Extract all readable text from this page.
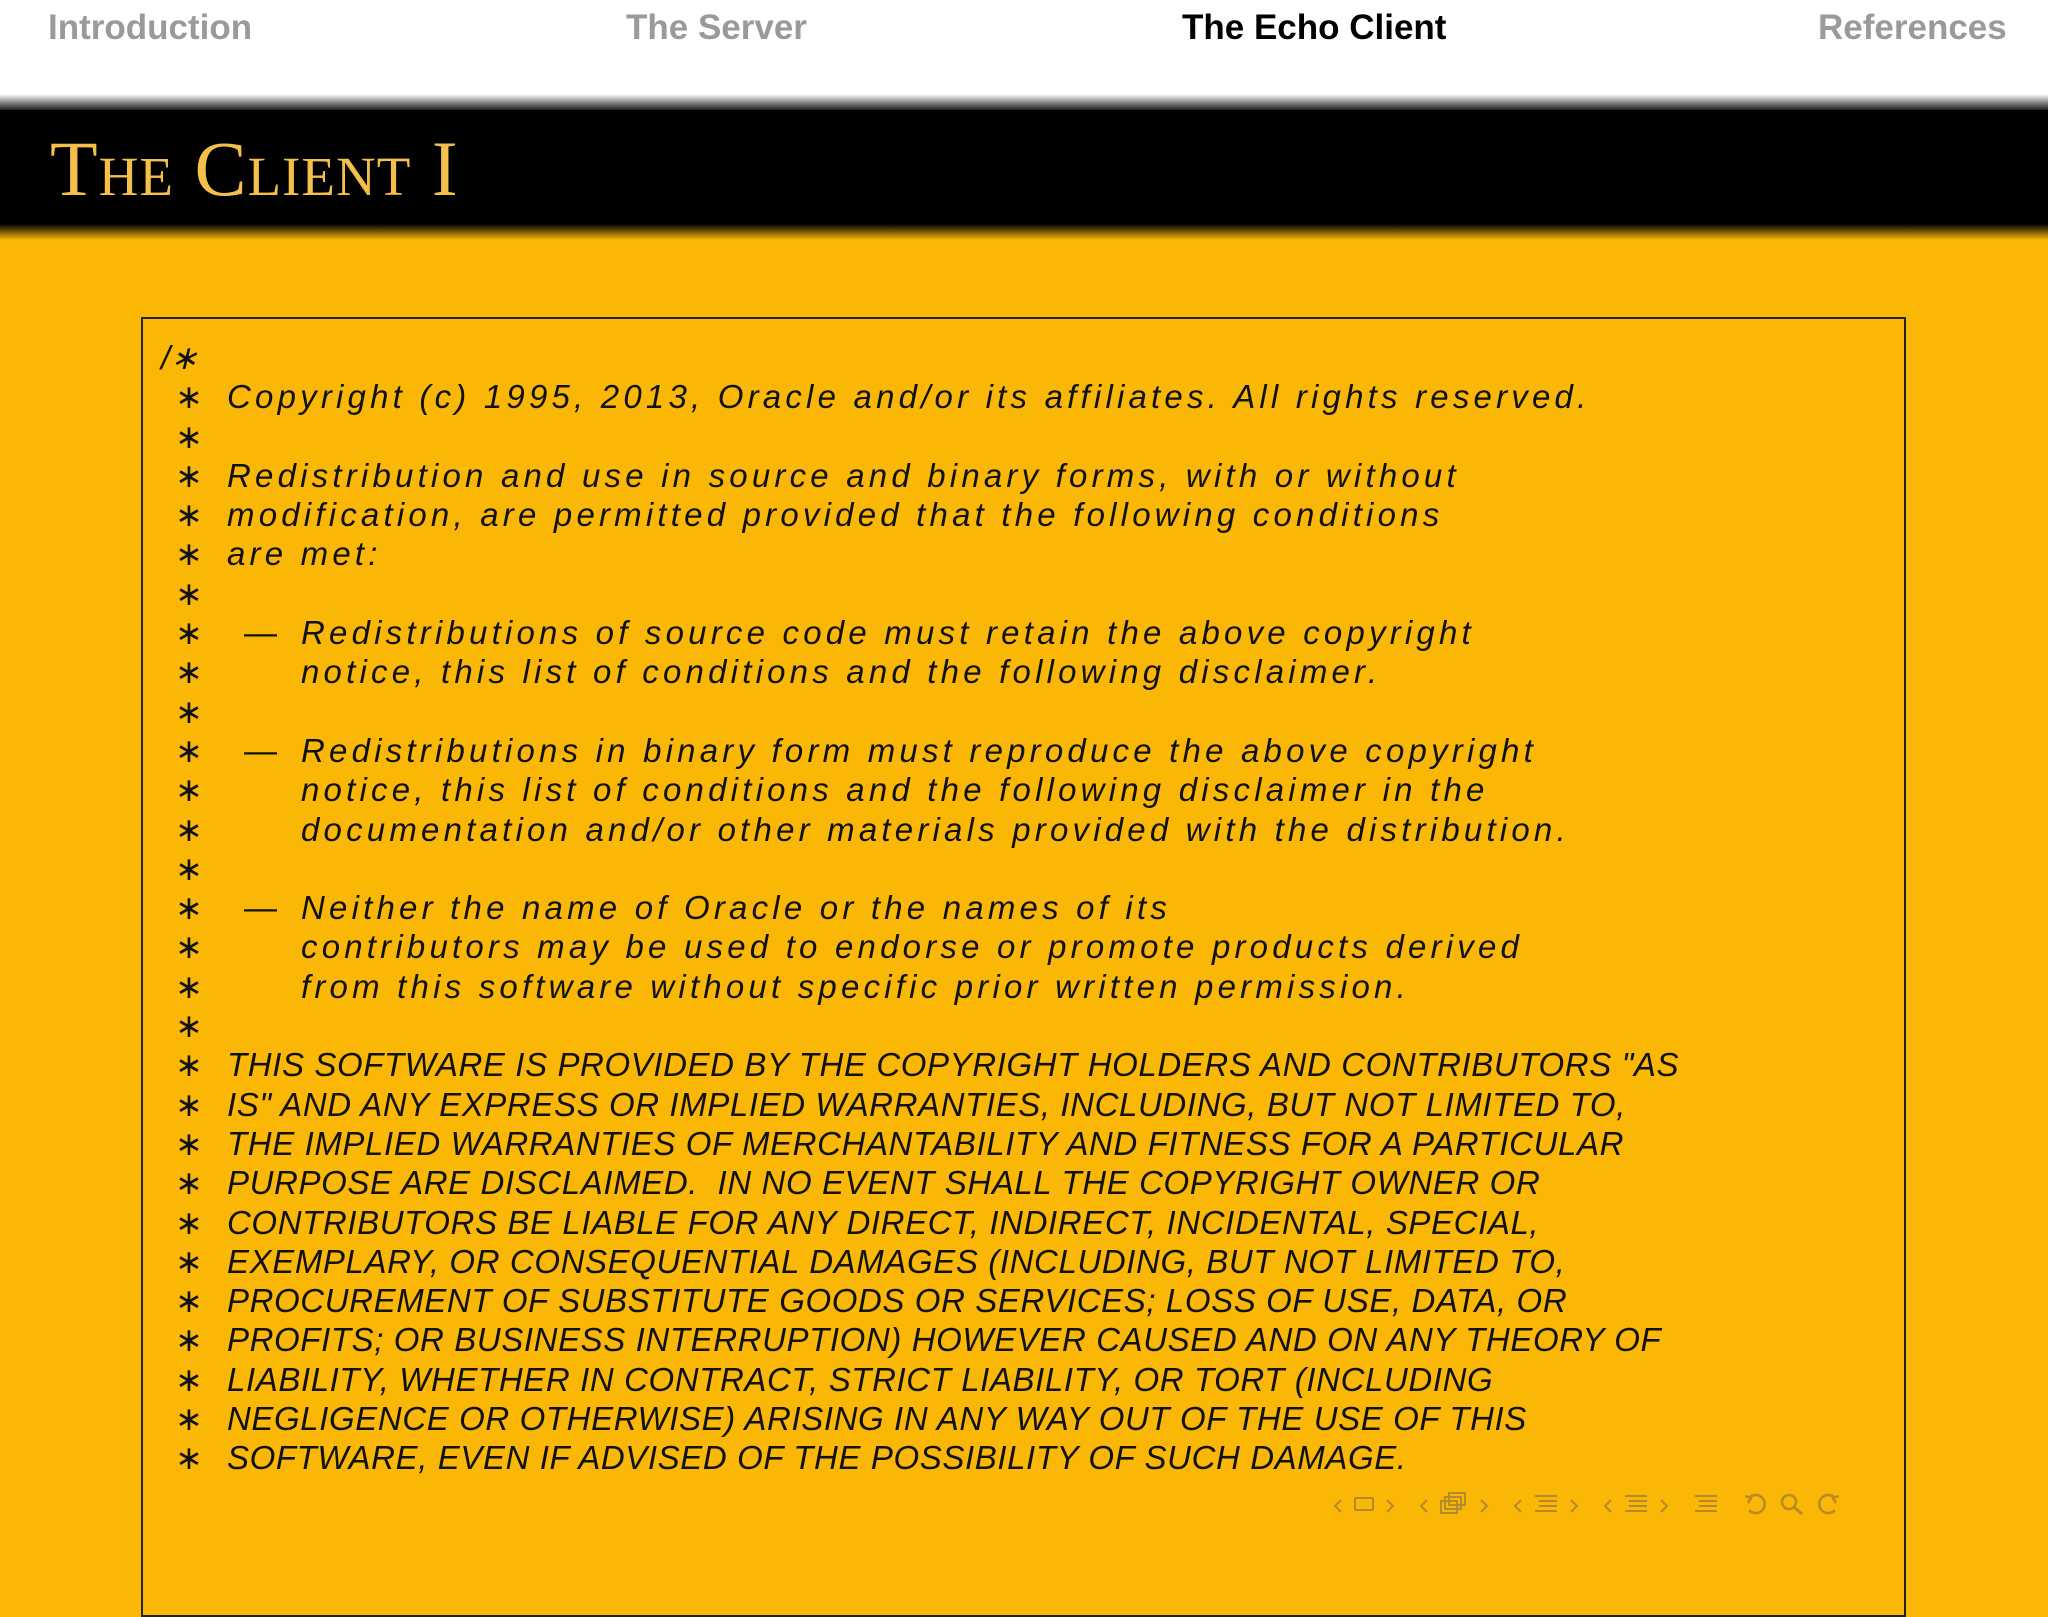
Introduction	The Server	The Echo Client	References
The Client I
/∗
∗ Copyright (c) 1995, 2013, Oracle and/or its affiliates. All rights reserved.
∗
∗ Redistribution and use in source and binary forms, with or without
∗ modification, are permitted provided that the following conditions
∗ are met:
∗
∗ — Redistributions of source code must retain the above copyright
∗	notice, this list of conditions and the following disclaimer.
∗
∗ — Redistributions in binary form must reproduce the above copyright
∗	notice, this list of conditions and the following disclaimer in the
∗	documentation and/or other materials provided with the distribution.
∗
∗ — Neither the name of Oracle or the names of its
∗	contributors may be used to endorse or promote products derived
∗	from this software without specific prior written permission.
∗
∗ THIS SOFTWARE IS PROVIDED BY THE COPYRIGHT HOLDERS AND CONTRIBUTORS "AS
∗ IS" AND ANY EXPRESS OR IMPLIED WARRANTIES, INCLUDING, BUT NOT LIMITED TO,
∗ THE IMPLIED WARRANTIES OF MERCHANTABILITY AND FITNESS FOR A PARTICULAR
∗ PURPOSE ARE DISCLAIMED.  IN NO EVENT SHALL THE COPYRIGHT OWNER OR
∗ CONTRIBUTORS BE LIABLE FOR ANY DIRECT, INDIRECT, INCIDENTAL, SPECIAL,
∗ EXEMPLARY, OR CONSEQUENTIAL DAMAGES (INCLUDING, BUT NOT LIMITED TO,
∗ PROCUREMENT OF SUBSTITUTE GOODS OR SERVICES; LOSS OF USE, DATA, OR
∗ PROFITS; OR BUSINESS INTERRUPTION) HOWEVER CAUSED AND ON ANY THEORY OF
∗ LIABILITY, WHETHER IN CONTRACT, STRICT LIABILITY, OR TORT (INCLUDING
∗ NEGLIGENCE OR OTHERWISE) ARISING IN ANY WAY OUT OF THE USE OF THIS
∗ SOFTWARE, EVEN IF ADVISED OF THE POSSIBILITY OF SUCH DAMAGE.
